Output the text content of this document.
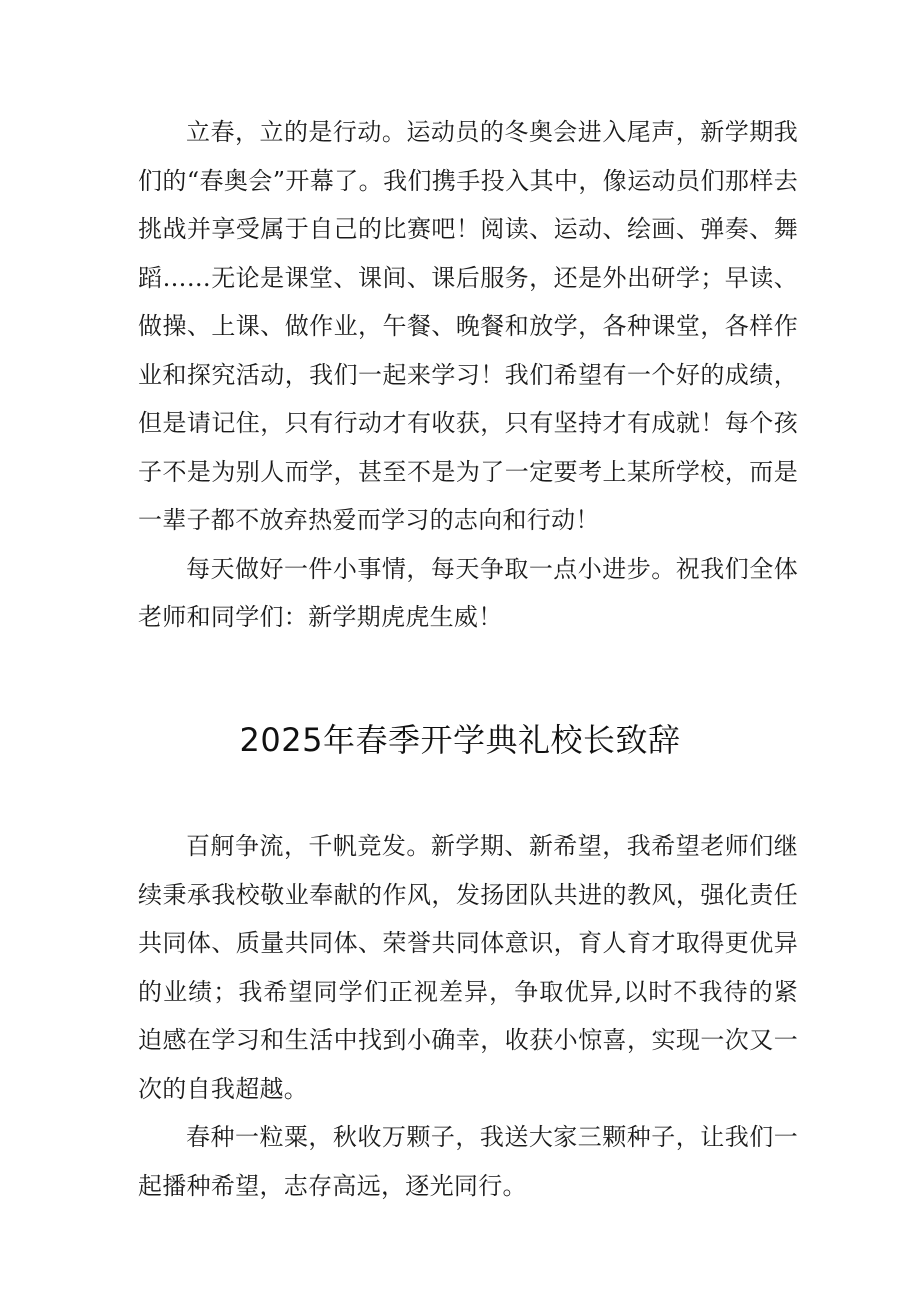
立春，立的是行动。运动员的冬奥会进入尾声，新学期我们的“春奥会”开幕了。我们携手投入其中，像运动员们那样去挑战并享受属于自己的比赛吧！阅读、运动、绘画、弹奏、舞蹈……无论是课堂、课间、课后服务，还是外出研学；早读、做操、上课、做作业，午餐、晚餐和放学，各种课堂，各样作业和探究活动，我们一起来学习！我们希望有一个好的成绩，但是请记住，只有行动才有收获，只有坚持才有成就！每个孩子不是为别人而学，甚至不是为了一定要考上某所学校，而是一辈子都不放弃热爱而学习的志向和行动！

每天做好一件小事情，每天争取一点小进步。祝我们全体老师和同学们：新学期虎虎生威！

2025年春季开学典礼校长致辞

百舸争流，千帆竞发。新学期、新希望，我希望老师们继续秉承我校敬业奉献的作风，发扬团队共进的教风，强化责任共同体、质量共同体、荣誉共同体意识，育人育才取得更优异的业绩；我希望同学们正视差异，争取优异,以时不我待的紧迫感在学习和生活中找到小确幸，收获小惊喜，实现一次又一次的自我超越。

春种一粒粟，秋收万颗子，我送大家三颗种子，让我们一起播种希望，志存高远，逐光同行。
